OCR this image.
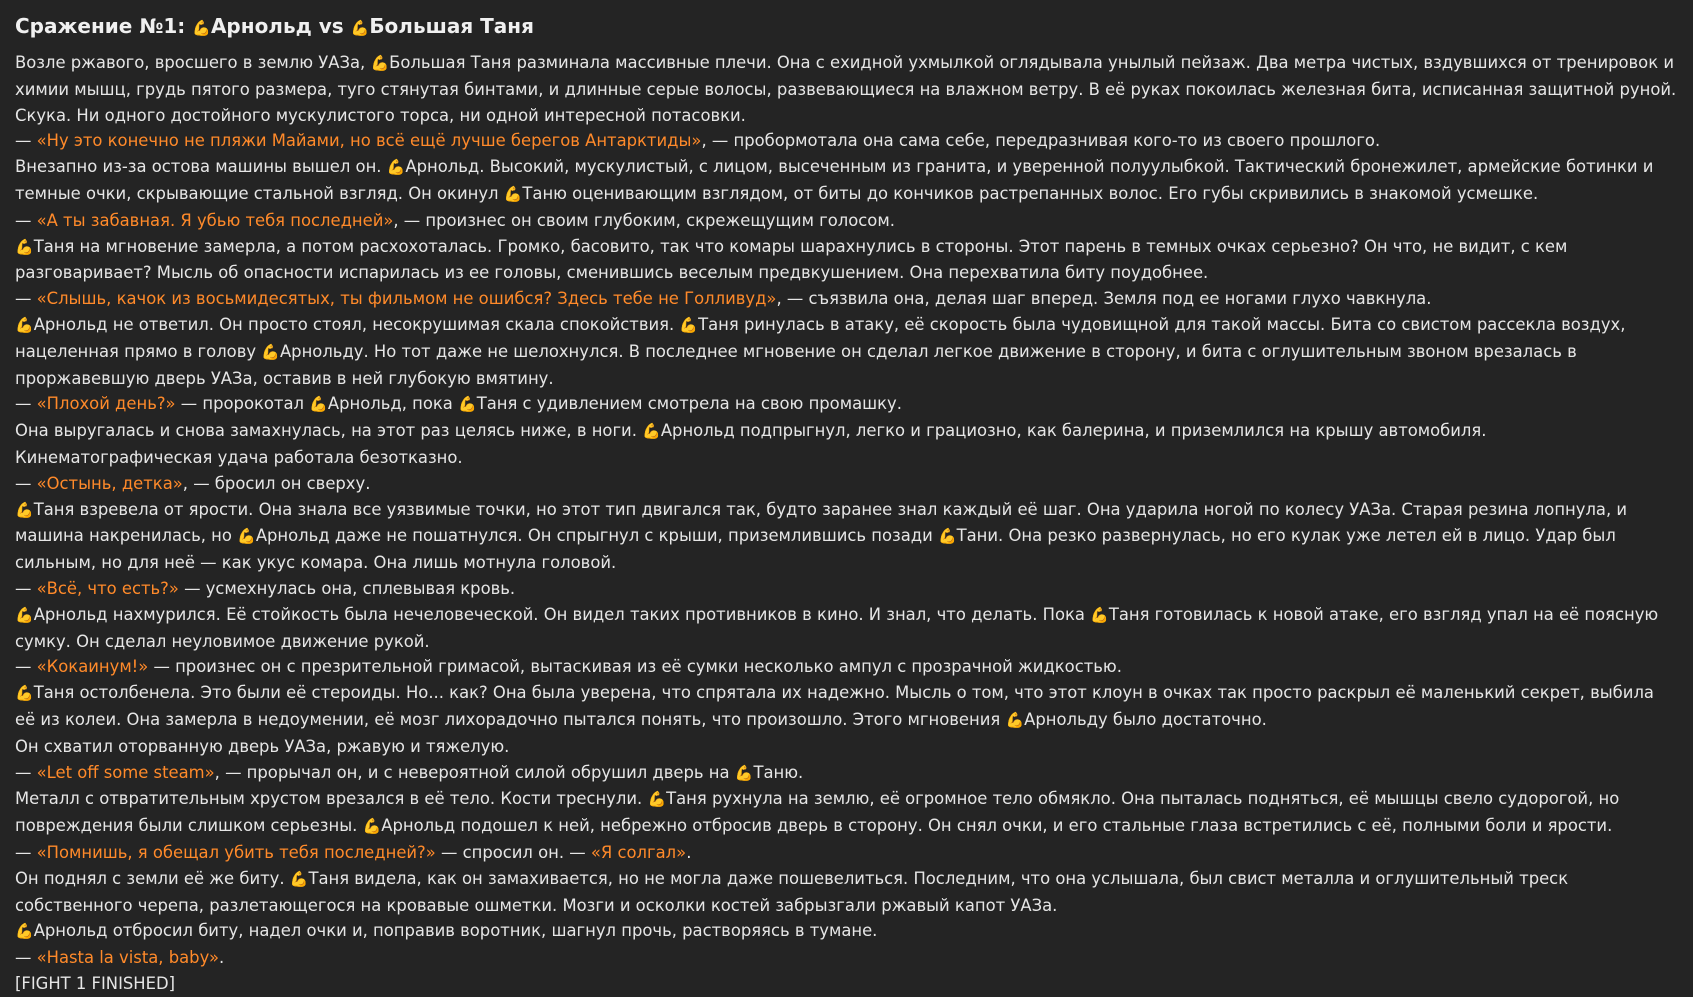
Сражение №1: 💪Арнольд vs 💪Большая Таня

Возле ржавого, вросшего в землю УАЗа, 💪Большая Таня разминала массивные плечи. Она с ехидной ухмылкой оглядывала унылый пейзаж. Два метра чистых, вздувшихся от тренировок и химии мышц, грудь пятого размера, туго стянутая бинтами, и длинные серые волосы, развевающиеся на влажном ветру. В её руках покоилась железная бита, исписанная защитной руной. Скука. Ни одного достойного мускулистого торса, ни одной интересной потасовки.

— «Ну это конечно не пляжи Майами, но всё ещё лучше берегов Антарктиды», — пробормотала она сама себе, передразнивая кого-то из своего прошлого.

Внезапно из-за остова машины вышел он. 💪Арнольд. Высокий, мускулистый, с лицом, высеченным из гранита, и уверенной полуулыбкой. Тактический бронежилет, армейские ботинки и темные очки, скрывающие стальной взгляд. Он окинул 💪Таню оценивающим взглядом, от биты до кончиков растрепанных волос. Его губы скривились в знакомой усмешке.

— «А ты забавная. Я убью тебя последней», — произнес он своим глубоким, скрежещущим голосом.

💪Таня на мгновение замерла, а потом расхохоталась. Громко, басовито, так что комары шарахнулись в стороны. Этот парень в темных очках серьезно? Он что, не видит, с кем разговаривает? Мысль об опасности испарилась из ее головы, сменившись веселым предвкушением. Она перехватила биту поудобнее.

— «Слышь, качок из восьмидесятых, ты фильмом не ошибся? Здесь тебе не Голливуд», — съязвила она, делая шаг вперед. Земля под ее ногами глухо чавкнула.

💪Арнольд не ответил. Он просто стоял, несокрушимая скала спокойствия. 💪Таня ринулась в атаку, её скорость была чудовищной для такой массы. Бита со свистом рассекла воздух, нацеленная прямо в голову 💪Арнольду. Но тот даже не шелохнулся. В последнее мгновение он сделал легкое движение в сторону, и бита с оглушительным звоном врезалась в проржавевшую дверь УАЗа, оставив в ней глубокую вмятину.

— «Плохой день?» — пророкотал 💪Арнольд, пока 💪Таня с удивлением смотрела на свою промашку.

Она выругалась и снова замахнулась, на этот раз целясь ниже, в ноги. 💪Арнольд подпрыгнул, легко и грациозно, как балерина, и приземлился на крышу автомобиля. Кинематографическая удача работала безотказно.

— «Остынь, детка», — бросил он сверху.

💪Таня взревела от ярости. Она знала все уязвимые точки, но этот тип двигался так, будто заранее знал каждый её шаг. Она ударила ногой по колесу УАЗа. Старая резина лопнула, и машина накренилась, но 💪Арнольд даже не пошатнулся. Он спрыгнул с крыши, приземлившись позади 💪Тани. Она резко развернулась, но его кулак уже летел ей в лицо. Удар был сильным, но для неё — как укус комара. Она лишь мотнула головой.

— «Всё, что есть?» — усмехнулась она, сплевывая кровь.

💪Арнольд нахмурился. Её стойкость была нечеловеческой. Он видел таких противников в кино. И знал, что делать. Пока 💪Таня готовилась к новой атаке, его взгляд упал на её поясную сумку. Он сделал неуловимое движение рукой.

— «Кокаинум!» — произнес он с презрительной гримасой, вытаскивая из её сумки несколько ампул с прозрачной жидкостью.

💪Таня остолбенела. Это были её стероиды. Но... как? Она была уверена, что спрятала их надежно. Мысль о том, что этот клоун в очках так просто раскрыл её маленький секрет, выбила её из колеи. Она замерла в недоумении, её мозг лихорадочно пытался понять, что произошло. Этого мгновения 💪Арнольду было достаточно.

Он схватил оторванную дверь УАЗа, ржавую и тяжелую.

— «Let off some steam», — прорычал он, и с невероятной силой обрушил дверь на 💪Таню.

Металл с отвратительным хрустом врезался в её тело. Кости треснули. 💪Таня рухнула на землю, её огромное тело обмякло. Она пыталась подняться, её мышцы свело судорогой, но повреждения были слишком серьезны. 💪Арнольд подошел к ней, небрежно отбросив дверь в сторону. Он снял очки, и его стальные глаза встретились с её, полными боли и ярости.

— «Помнишь, я обещал убить тебя последней?» — спросил он. — «Я солгал».

Он поднял с земли её же биту. 💪Таня видела, как он замахивается, но не могла даже пошевелиться. Последним, что она услышала, был свист металла и оглушительный треск собственного черепа, разлетающегося на кровавые ошметки. Мозги и осколки костей забрызгали ржавый капот УАЗа.

💪Арнольд отбросил биту, надел очки и, поправив воротник, шагнул прочь, растворяясь в тумане.

— «Hasta la vista, baby».

[FIGHT 1 FINISHED]
